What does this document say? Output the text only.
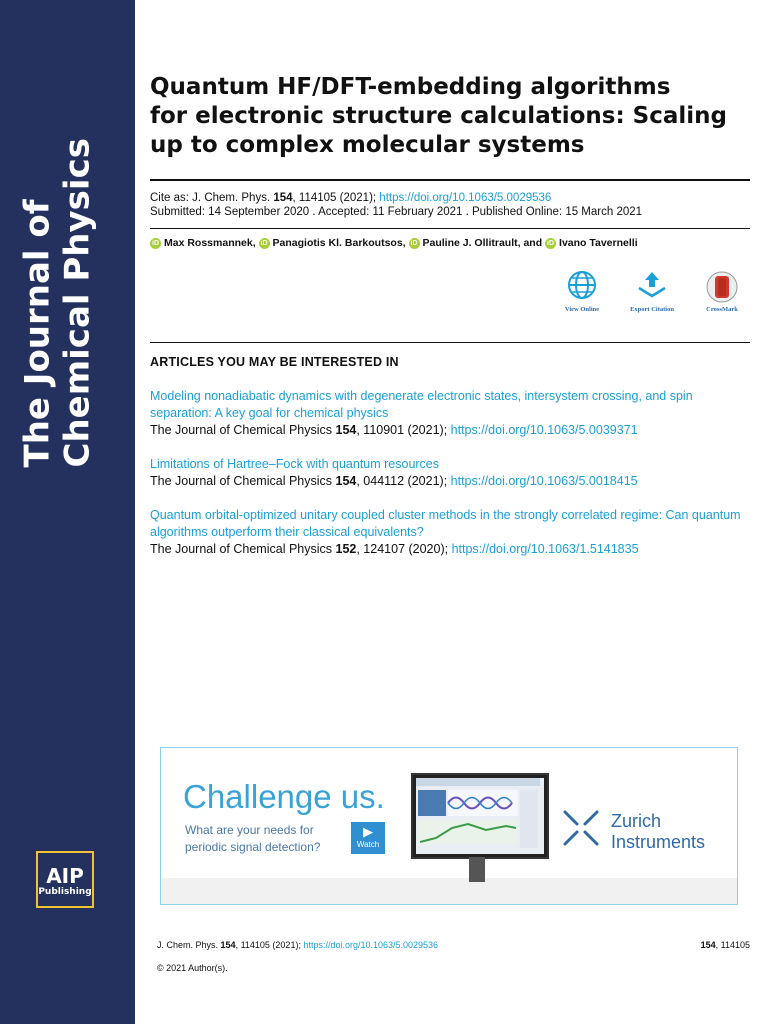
The Journal of Chemical Physics
AIP
Publishing
Quantum HF/DFT-embedding algorithms
for electronic structure calculations: Scaling
up to complex molecular systems
Cite as: J. Chem. Phys. 154, 114105 (2021); https://doi.org/10.1063/5.0029536
Submitted: 14 September 2020 . Accepted: 11 February 2021 . Published Online: 15 March 2021
iD Max Rossmannek, iD Panagiotis Kl. Barkoutsos, iD Pauline J. Ollitrault, and iD Ivano Tavernelli
View Online	Export Citation	CrossMark
ARTICLES YOU MAY BE INTERESTED IN
Modeling nonadiabatic dynamics with degenerate electronic states, intersystem crossing, and spin separation: A key goal for chemical physics
The Journal of Chemical Physics 154, 110901 (2021); https://doi.org/10.1063/5.0039371
Limitations of Hartree–Fock with quantum resources
The Journal of Chemical Physics 154, 044112 (2021); https://doi.org/10.1063/5.0018415
Quantum orbital-optimized unitary coupled cluster methods in the strongly correlated regime: Can quantum algorithms outperform their classical equivalents?
The Journal of Chemical Physics 152, 124107 (2020); https://doi.org/10.1063/1.5141835
Challenge us.
What are your needs for
periodic signal detection?
▶
Watch
Zurich
Instruments
J. Chem. Phys. 154, 114105 (2021); https://doi.org/10.1063/5.0029536	154, 114105
© 2021 Author(s).
